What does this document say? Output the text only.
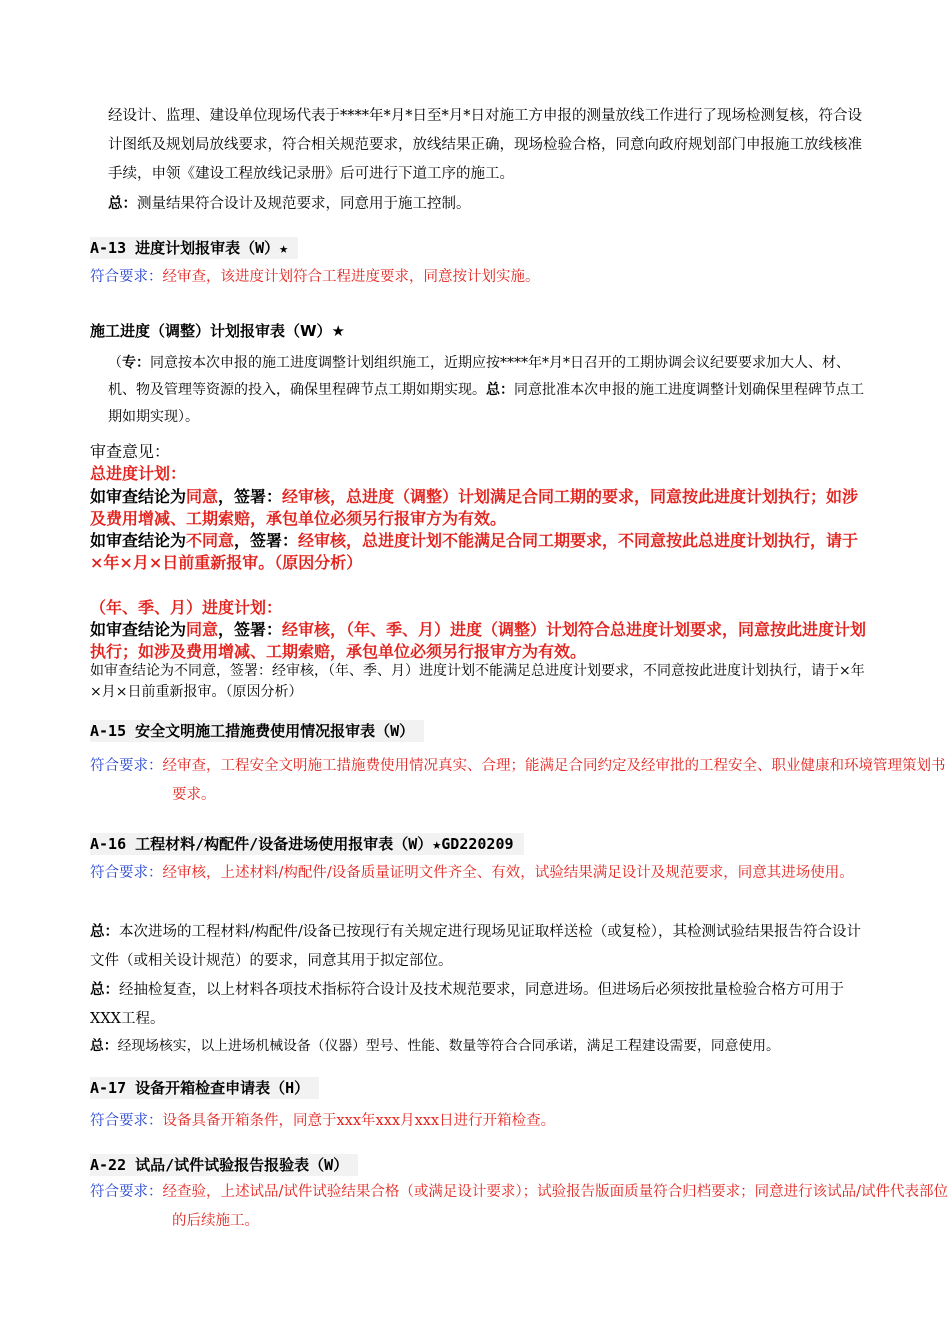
经设计、监理、建设单位现场代表于****年*月*日至*月*日对施工方申报的测量放线工作进行了现场检测复核，符合设计图纸及规划局放线要求，符合相关规范要求，放线结果正确，现场检验合格，同意向政府规划部门申报施工放线核准手续，申领《建设工程放线记录册》后可进行下道工序的施工。
总：测量结果符合设计及规范要求，同意用于施工控制。
A-13 进度计划报审表（W）★
符合要求：经审查，该进度计划符合工程进度要求，同意按计划实施。
施工进度（调整）计划报审表（W）★
（专：同意按本次申报的施工进度调整计划组织施工，近期应按****年*月*日召开的工期协调会议纪要要求加大人、材、机、物及管理等资源的投入，确保里程碑节点工期如期实现。总：同意批准本次申报的施工进度调整计划确保里程碑节点工期如期实现）。
审查意见：
总进度计划：
如审查结论为同意，签署：经审核，总进度（调整）计划满足合同工期的要求，同意按此进度计划执行；如涉及费用增减、工期索赔，承包单位必须另行报审方为有效。
如审查结论为不同意，签署：经审核，总进度计划不能满足合同工期要求，不同意按此总进度计划执行，请于×年×月×日前重新报审。（原因分析）
（年、季、月）进度计划：
如审查结论为同意，签署：经审核，（年、季、月）进度（调整）计划符合总进度计划要求，同意按此进度计划执行；如涉及费用增减、工期索赔，承包单位必须另行报审方为有效。
如审查结论为不同意，签署：经审核，（年、季、月）进度计划不能满足总进度计划要求，不同意按此进度计划执行，请于×年×月×日前重新报审。（原因分析）
A-15 安全文明施工措施费使用情况报审表（W）
符合要求：经审查，工程安全文明施工措施费使用情况真实、合理；能满足合同约定及经审批的工程安全、职业健康和环境管理策划书要求。
A-16 工程材料/构配件/设备进场使用报审表（W）★GD220209
符合要求：经审核，上述材料/构配件/设备质量证明文件齐全、有效，试验结果满足设计及规范要求，同意其进场使用。
总：本次进场的工程材料/构配件/设备已按现行有关规定进行现场见证取样送检（或复检），其检测试验结果报告符合设计文件（或相关设计规范）的要求，同意其用于拟定部位。
总：经抽检复查，以上材料各项技术指标符合设计及技术规范要求，同意进场。但进场后必须按批量检验合格方可用于XXX工程。
总：经现场核实，以上进场机械设备（仪器）型号、性能、数量等符合合同承诺，满足工程建设需要，同意使用。
A-17 设备开箱检查申请表（H）
符合要求：设备具备开箱条件，同意于xxx年xxx月xxx日进行开箱检查。
A-22 试品/试件试验报告报验表（W）
符合要求：经查验，上述试品/试件试验结果合格（或满足设计要求）；试验报告版面质量符合归档要求；同意进行该试品/试件代表部位的后续施工。
